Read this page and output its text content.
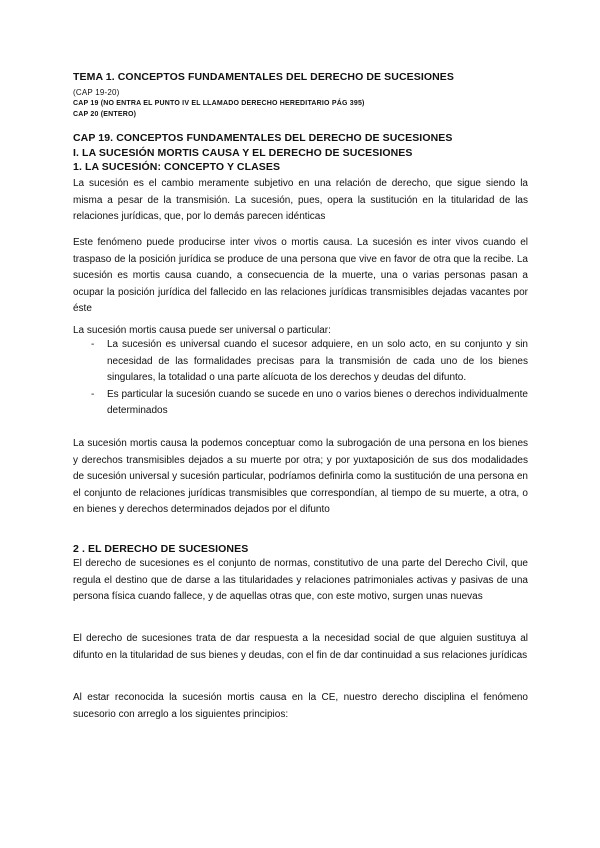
TEMA 1. CONCEPTOS FUNDAMENTALES DEL DERECHO DE SUCESIONES
(CAP 19-20)
CAP 19 (NO ENTRA EL PUNTO IV EL LLAMADO DERECHO HEREDITARIO PÁG 395)
CAP 20 (ENTERO)
CAP 19. CONCEPTOS FUNDAMENTALES DEL DERECHO DE SUCESIONES
I. LA SUCESIÓN MORTIS CAUSA Y EL DERECHO DE SUCESIONES
1. LA SUCESIÓN: CONCEPTO Y CLASES

La sucesión es el cambio meramente subjetivo en una relación de derecho, que sigue siendo la misma a pesar de la transmisión. La sucesión, pues, opera la sustitución en la titularidad de las relaciones jurídicas, que, por lo demás parecen idénticas

Este fenómeno puede producirse inter vivos o mortis causa. La sucesión es inter vivos cuando el traspaso de la posición jurídica se produce de una persona que vive en favor de otra que la recibe. La sucesión es mortis causa cuando, a consecuencia de la muerte, una o varias personas pasan a ocupar la posición jurídica del fallecido en las relaciones jurídicas transmisibles dejadas vacantes por éste

La sucesión mortis causa puede ser universal o particular:

- La sucesión es universal cuando el sucesor adquiere, en un solo acto, en su conjunto y sin necesidad de las formalidades precisas para la transmisión de cada uno de los bienes singulares, la totalidad o una parte alícuota de los derechos y deudas del difunto.
- Es particular la sucesión cuando se sucede en uno o varios bienes o derechos individualmente determinados

La sucesión mortis causa la podemos conceptuar como la subrogación de una persona en los bienes y derechos transmisibles dejados a su muerte por otra; y por yuxtaposición de sus dos modalidades de sucesión universal y sucesión particular, podríamos definirla como la sustitución de una persona en el conjunto de relaciones jurídicas transmisibles que correspondían, al tiempo de su muerte, a otra, o en bienes y derechos determinados dejados por el difunto

2 . EL DERECHO DE SUCESIONES

El derecho de sucesiones es el conjunto de normas, constitutivo de una parte del Derecho Civil, que regula el destino que de darse a las titularidades y relaciones patrimoniales activas y pasivas de una persona física cuando fallece, y de aquellas otras que, con este motivo, surgen unas nuevas

El derecho de sucesiones trata de dar respuesta a la necesidad social de que alguien sustituya al difunto en la titularidad de sus bienes y deudas, con el fin de dar continuidad a sus relaciones jurídicas

Al estar reconocida la sucesión mortis causa en la CE, nuestro derecho disciplina el fenómeno sucesorio con arreglo a los siguientes principios:
